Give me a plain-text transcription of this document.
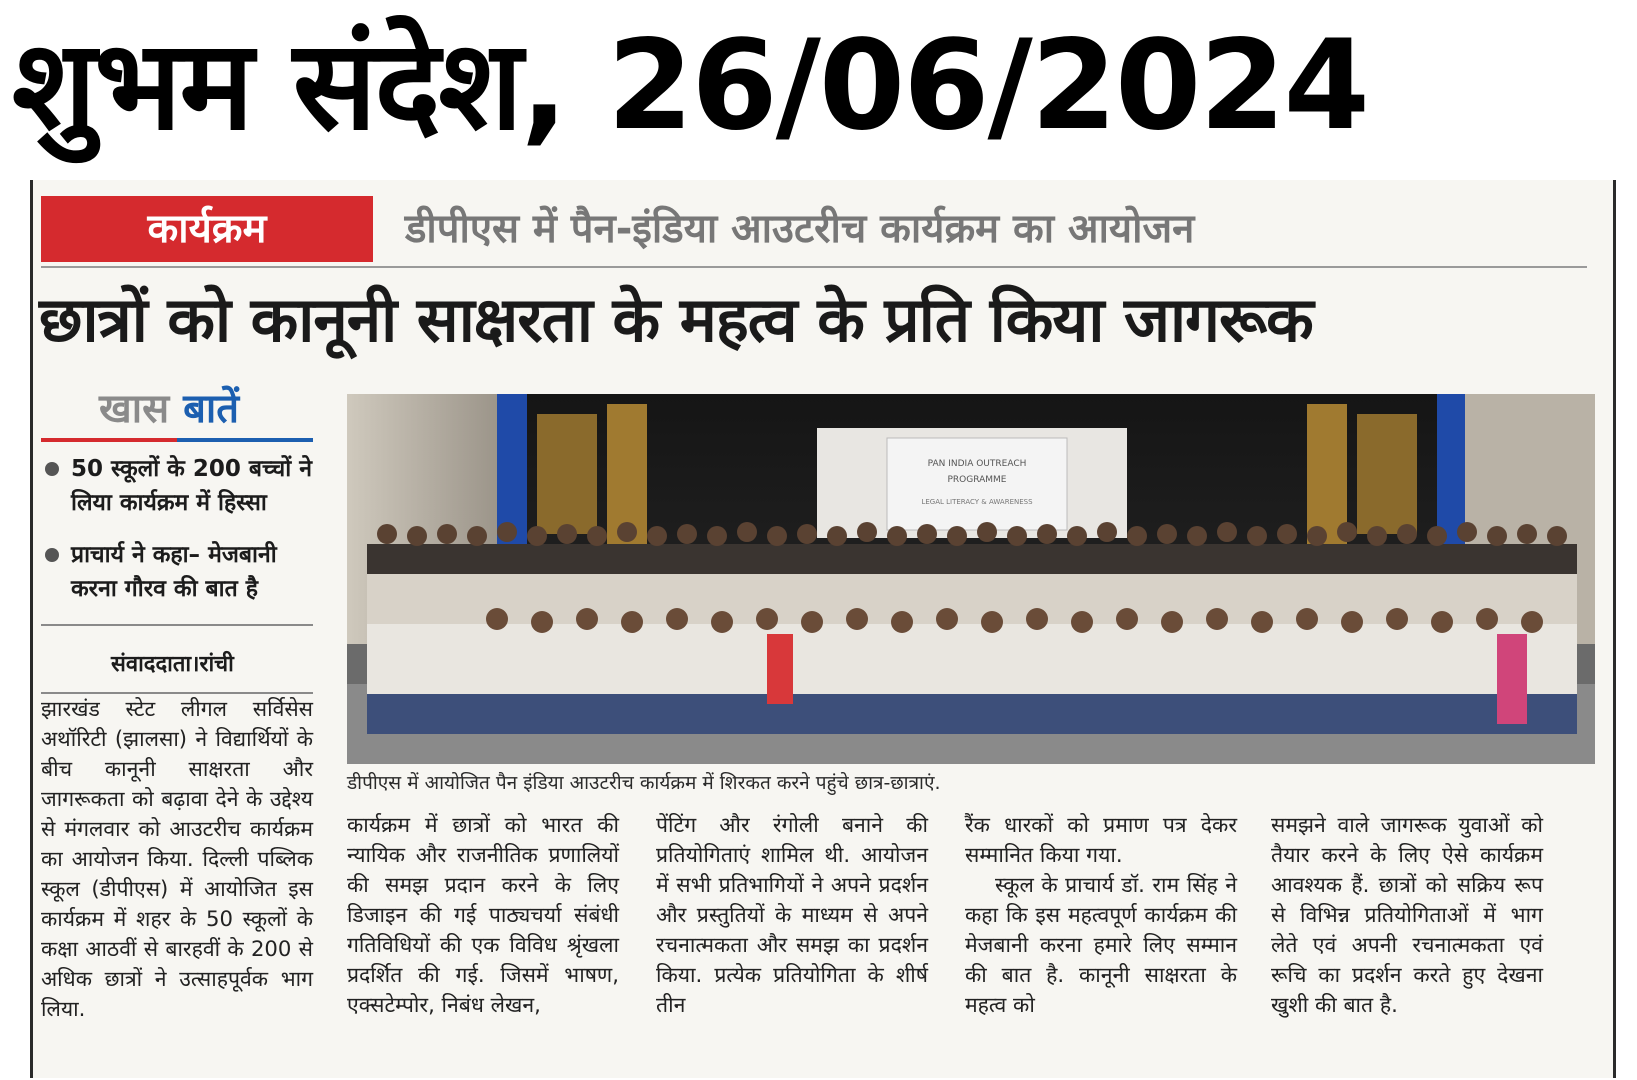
शुभम संदेश, 26/06/2024
कार्यक्रम	डीपीएस में पैन-इंडिया आउटरीच कार्यक्रम का आयोजन
छात्रों को कानूनी साक्षरता के महत्व के प्रति किया जागरूक
खास बातें
50 स्कूलों के 200 बच्चों ने लिया कार्यक्रम में हिस्सा
प्राचार्य ने कहा– मेजबानी करना गौरव की बात है
संवाददाता।रांची

झारखंड स्टेट लीगल सर्विसेस अथॉरिटी (झालसा) ने विद्यार्थियों के बीच कानूनी साक्षरता और जागरूकता को बढ़ावा देने के उद्देश्य से मंगलवार को आउटरीच कार्यक्रम का आयोजन किया. दिल्ली पब्लिक स्कूल (डीपीएस) में आयोजित इस कार्यक्रम में शहर के 50 स्कूलों के कक्षा आठवीं से बारहवीं के 200 से अधिक छात्रों ने उत्साहपूर्वक भाग लिया.

PAN INDIA OUTREACH
PROGRAMME
LEGAL LITERACY & AWARENESS
डीपीएस में आयोजित पैन इंडिया आउटरीच कार्यक्रम में शिरकत करने पहुंचे छात्र-छात्राएं.

कार्यक्रम में छात्रों को भारत की न्यायिक और राजनीतिक प्रणालियों की समझ प्रदान करने के लिए डिजाइन की गई पाठ्यचर्या संबंधी गतिविधियों की एक विविध श्रृंखला प्रदर्शित की गई. जिसमें भाषण, एक्सटेम्पोर, निबंध लेखन,

पेंटिंग और रंगोली बनाने की प्रतियोगिताएं शामिल थी. आयोजन में सभी प्रतिभागियों ने अपने प्रदर्शन और प्रस्तुतियों के माध्यम से अपने रचनात्मकता और समझ का प्रदर्शन किया. प्रत्येक प्रतियोगिता के शीर्ष तीन

रैंक धारकों को प्रमाण पत्र देकर सम्मानित किया गया.

स्कूल के प्राचार्य डॉ. राम सिंह ने कहा कि इस महत्वपूर्ण कार्यक्रम की मेजबानी करना हमारे लिए सम्मान की बात है. कानूनी साक्षरता के महत्व को

समझने वाले जागरूक युवाओं को तैयार करने के लिए ऐसे कार्यक्रम आवश्यक हैं. छात्रों को सक्रिय रूप से विभिन्न प्रतियोगिताओं में भाग लेते एवं अपनी रचनात्मकता एवं रूचि का प्रदर्शन करते हुए देखना खुशी की बात है.
